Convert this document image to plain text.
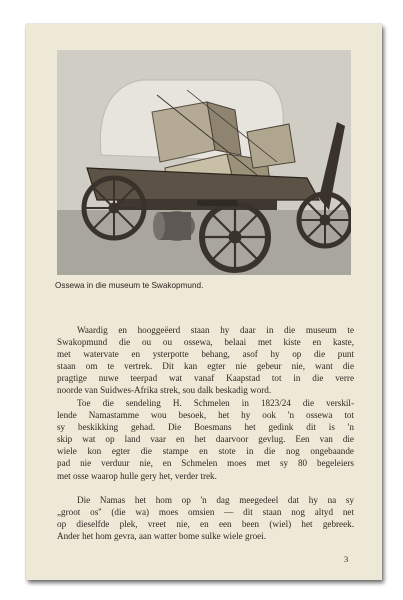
Ossewa in die museum te Swakopmund.

Waardig en hooggeëerd staan hy daar in die museum te
Swakopmund die ou ou ossewa, belaai met kiste en kaste,
met watervate en ysterpotte behang, asof hy op die punt
staan om te vertrek. Dit kan egter nie gebeur nie, want die
pragtige nuwe teerpad wat vanaf Kaapstad tot in die verre
noorde van Suidwes-Afrika strek, sou dalk beskadig word.

Toe die sendeling H. Schmelen in 1823/24 die verskil-
lende Namastamme wou besoek, het hy ook 'n ossewa tot
sy beskikking gehad. Die Boesmans het gedink dit is 'n
skip wat op land vaar en het daarvoor gevlug. Een van die
wiele kon egter die stampe en stote in die nog ongebaande
pad nie verduur nie, en Schmelen moes met sy 80 begeleiers
met osse waarop hulle gery het, verder trek.

Die Namas het hom op 'n dag meegedeel dat hy na sy
„groot os'' (die wa) moes omsien — dit staan nog altyd net
op dieselfde plek, vreet nie, en een been (wiel) het gebreek.
Ander het hom gevra, aan watter bome sulke wiele groei.

3
